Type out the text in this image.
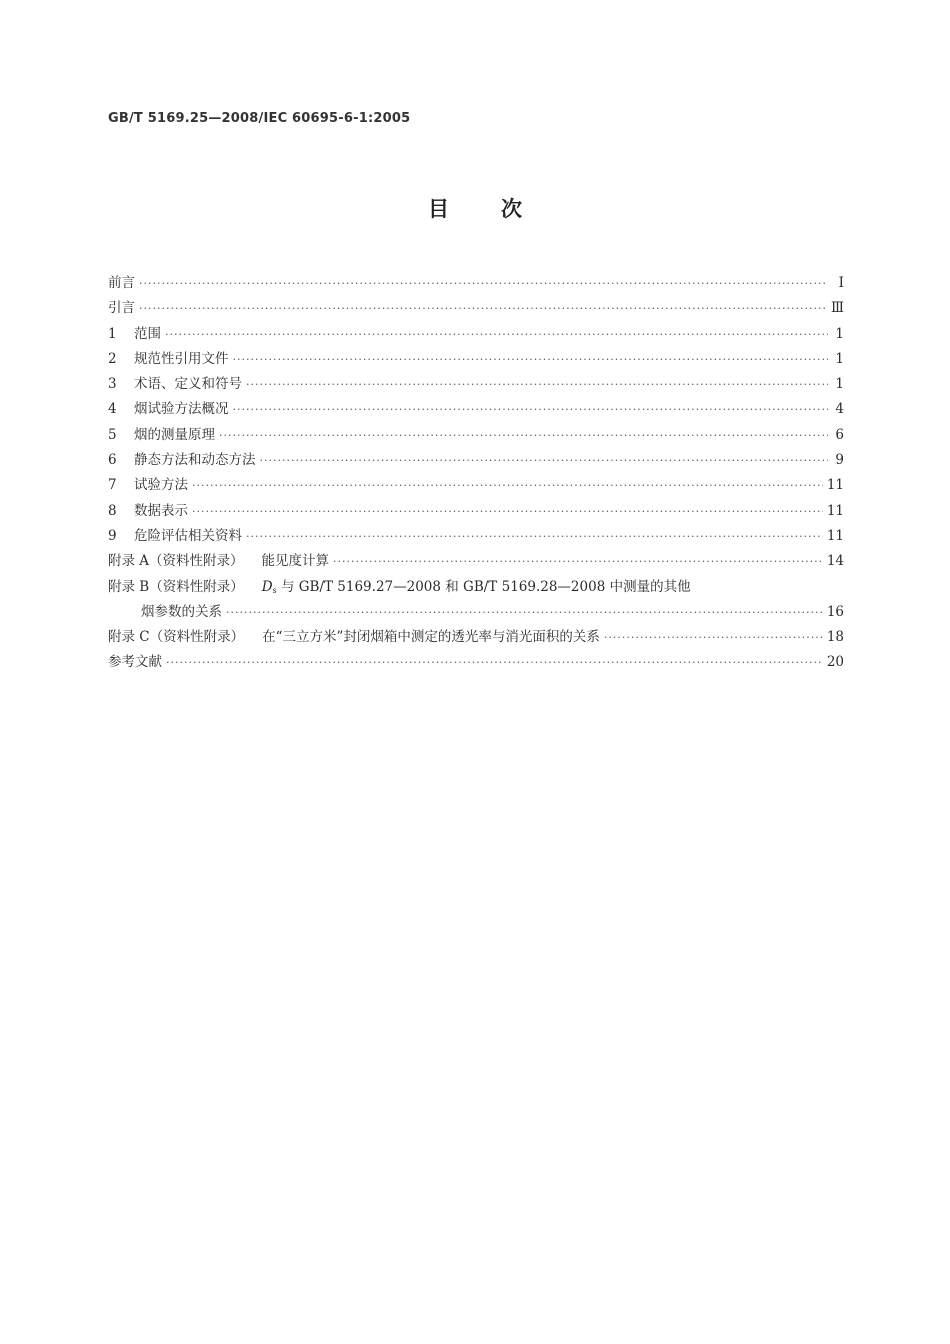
GB/T 5169.25—2008/IEC 60695-6-1:2005
目 次
前言 ·····	Ⅰ
引言 ·····	Ⅲ
1 范围 ·····	1
2 规范性引用文件 ·····	1
3 术语、定义和符号 ·····	1
4 烟试验方法概况 ·····	4
5 烟的测量原理 ·····	6
6 静态方法和动态方法 ·····	9
7 试验方法 ·····	11
8 数据表示 ·····	11
9 危险评估相关资料 ·····	11
附录 A（资料性附录） 能见度计算 ·····	14
附录 B（资料性附录） $D_s$ 与 GB/T 5169.27—2008 和 GB/T 5169.28—2008 中测量的其他
烟参数的关系 ·····	16
附录 C（资料性附录） 在“三立方米”封闭烟箱中测定的透光率与消光面积的关系 ·····	18
参考文献 ·····	20
